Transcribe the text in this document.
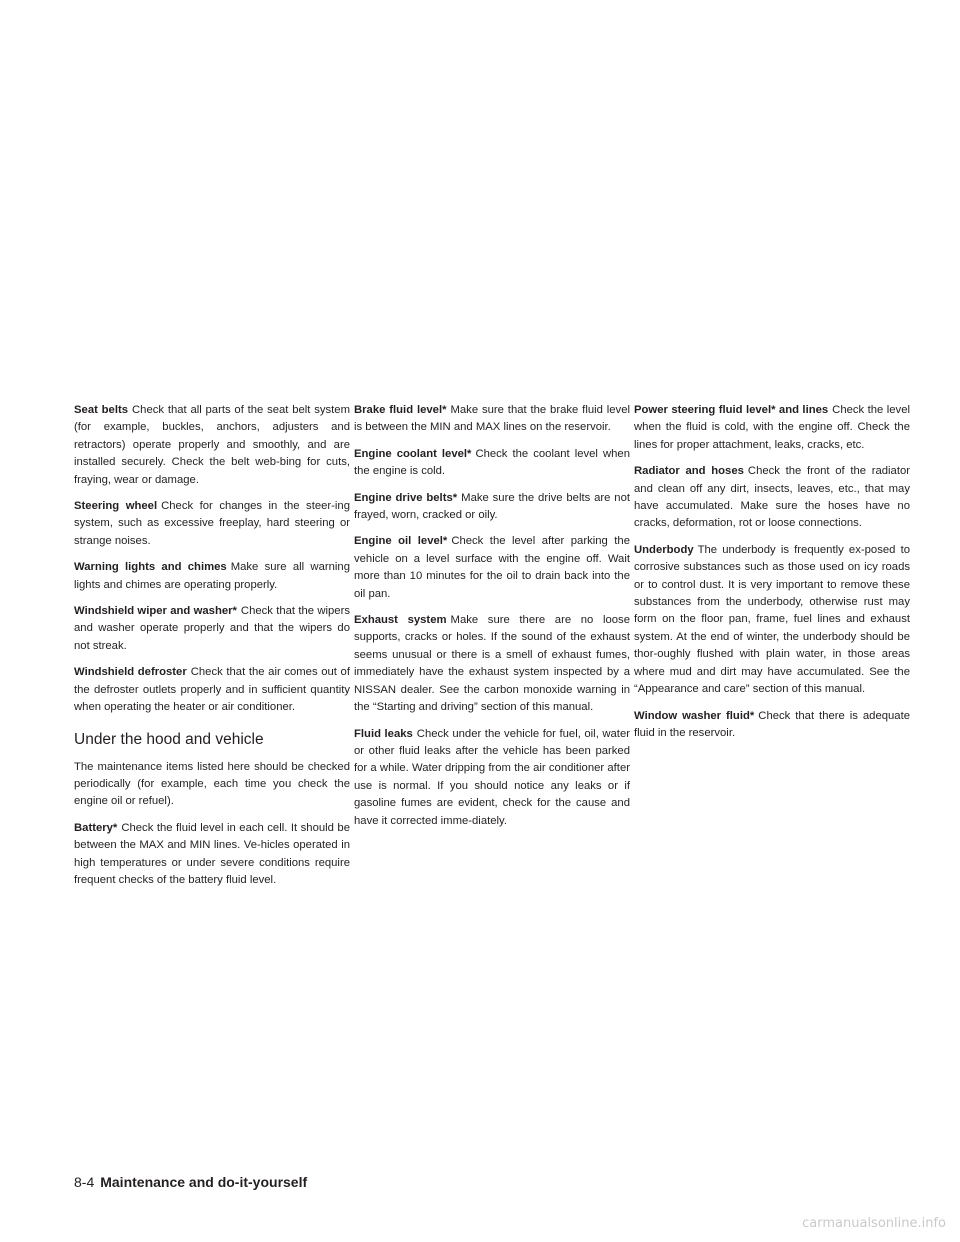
Seat belts Check that all parts of the seat belt system (for example, buckles, anchors, adjusters and retractors) operate properly and smoothly, and are installed securely. Check the belt web-bing for cuts, fraying, wear or damage.
Steering wheel Check for changes in the steer-ing system, such as excessive freeplay, hard steering or strange noises.
Warning lights and chimes Make sure all warning lights and chimes are operating properly.
Windshield wiper and washer* Check that the wipers and washer operate properly and that the wipers do not streak.
Windshield defroster Check that the air comes out of the defroster outlets properly and in sufficient quantity when operating the heater or air conditioner.
Under the hood and vehicle
The maintenance items listed here should be checked periodically (for example, each time you check the engine oil or refuel).
Battery* Check the fluid level in each cell. It should be between the MAX and MIN lines. Ve-hicles operated in high temperatures or under severe conditions require frequent checks of the battery fluid level.
Brake fluid level* Make sure that the brake fluid level is between the MIN and MAX lines on the reservoir.
Engine coolant level* Check the coolant level when the engine is cold.
Engine drive belts* Make sure the drive belts are not frayed, worn, cracked or oily.
Engine oil level* Check the level after parking the vehicle on a level surface with the engine off. Wait more than 10 minutes for the oil to drain back into the oil pan.
Exhaust system Make sure there are no loose supports, cracks or holes. If the sound of the exhaust seems unusual or there is a smell of exhaust fumes, immediately have the exhaust system inspected by a NISSAN dealer. See the carbon monoxide warning in the “Starting and driving” section of this manual.
Fluid leaks Check under the vehicle for fuel, oil, water or other fluid leaks after the vehicle has been parked for a while. Water dripping from the air conditioner after use is normal. If you should notice any leaks or if gasoline fumes are evident, check for the cause and have it corrected imme-diately.
Power steering fluid level* and lines Check the level when the fluid is cold, with the engine off. Check the lines for proper attachment, leaks, cracks, etc.
Radiator and hoses Check the front of the radiator and clean off any dirt, insects, leaves, etc., that may have accumulated. Make sure the hoses have no cracks, deformation, rot or loose connections.
Underbody The underbody is frequently ex-posed to corrosive substances such as those used on icy roads or to control dust. It is very important to remove these substances from the underbody, otherwise rust may form on the floor pan, frame, fuel lines and exhaust system. At the end of winter, the underbody should be thor-oughly flushed with plain water, in those areas where mud and dirt may have accumulated. See the “Appearance and care” section of this manual.
Window washer fluid* Check that there is adequate fluid in the reservoir.
8-4 Maintenance and do-it-yourself
carmanualsonline.info
